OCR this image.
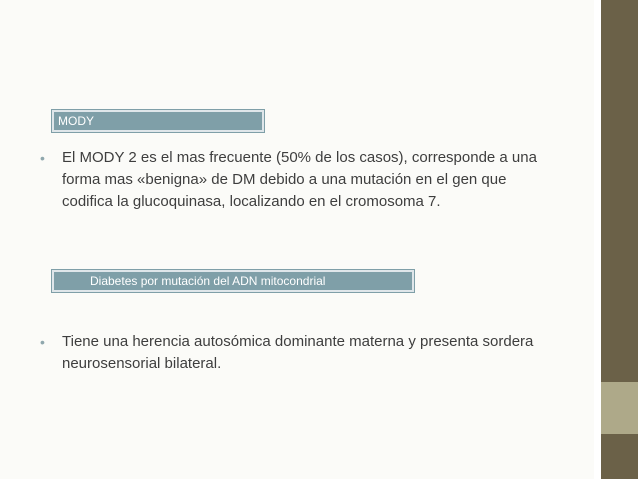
MODY
•	El MODY 2 es el mas frecuente (50% de los casos), corresponde a una forma mas «benigna» de DM debido a una mutación en el gen que codifica la glucoquinasa, localizando en el cromosoma 7.
Diabetes por mutación del ADN mitocondrial
•	Tiene una herencia autosómica dominante materna y presenta sordera neurosensorial bilateral.
